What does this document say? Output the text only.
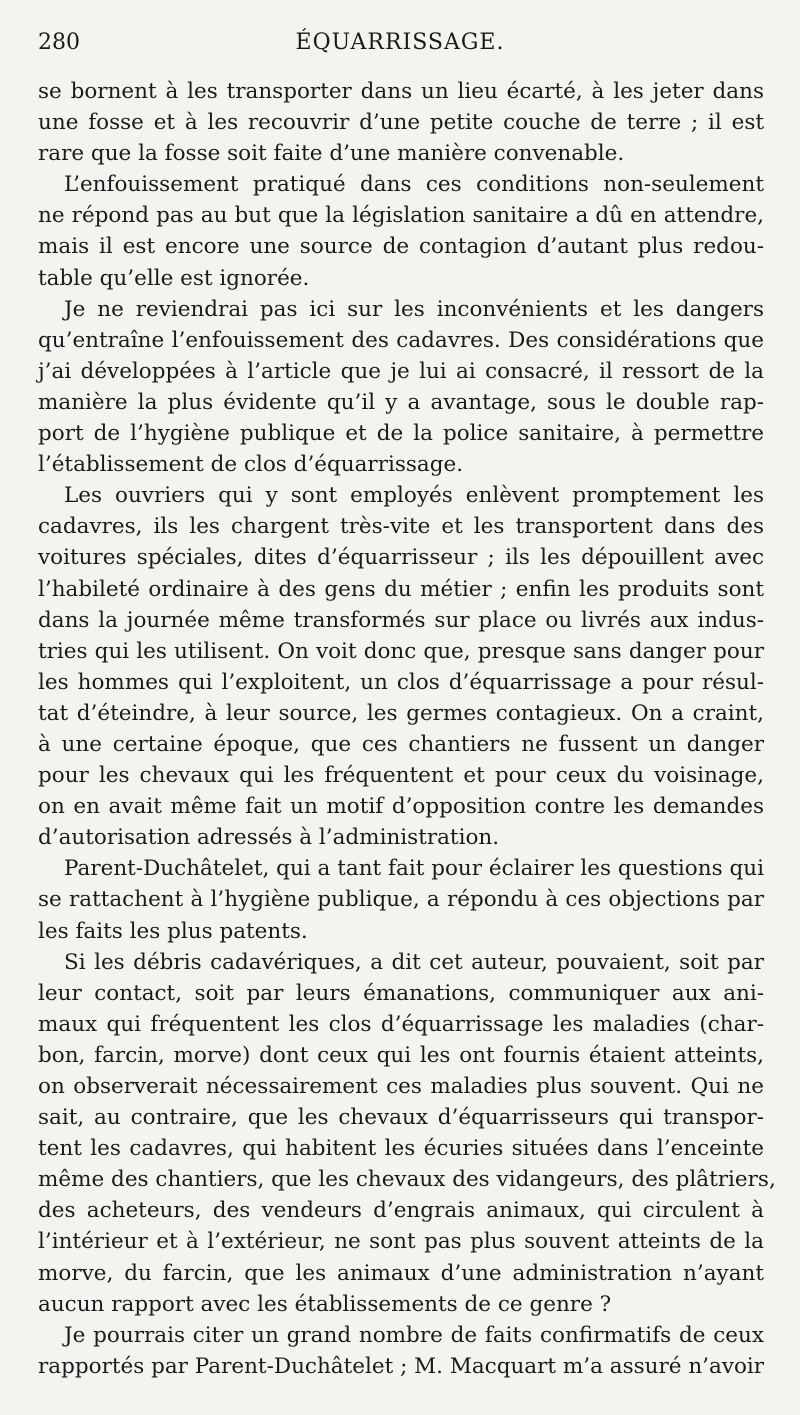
280	ÉQUARRISSAGE.
se bornent à les transporter dans un lieu écarté, à les jeter dans
une fosse et à les recouvrir d’une petite couche de terre ; il est
rare que la fosse soit faite d’une manière convenable.
L’enfouissement pratiqué dans ces conditions non-seulement
ne répond pas au but que la législation sanitaire a dû en attendre,
mais il est encore une source de contagion d’autant plus redou-
table qu’elle est ignorée.
Je ne reviendrai pas ici sur les inconvénients et les dangers
qu’entraîne l’enfouissement des cadavres. Des considérations que
j’ai développées à l’article que je lui ai consacré, il ressort de la
manière la plus évidente qu’il y a avantage, sous le double rap-
port de l’hygiène publique et de la police sanitaire, à permettre
l’établissement de clos d’équarrissage.
Les ouvriers qui y sont employés enlèvent promptement les
cadavres, ils les chargent très-vite et les transportent dans des
voitures spéciales, dites d’équarrisseur ; ils les dépouillent avec
l’habileté ordinaire à des gens du métier ; enfin les produits sont
dans la journée même transformés sur place ou livrés aux indus-
tries qui les utilisent. On voit donc que, presque sans danger pour
les hommes qui l’exploitent, un clos d’équarrissage a pour résul-
tat d’éteindre, à leur source, les germes contagieux. On a craint,
à une certaine époque, que ces chantiers ne fussent un danger
pour les chevaux qui les fréquentent et pour ceux du voisinage,
on en avait même fait un motif d’opposition contre les demandes
d’autorisation adressés à l’administration.
Parent-Duchâtelet, qui a tant fait pour éclairer les questions qui
se rattachent à l’hygiène publique, a répondu à ces objections par
les faits les plus patents.
Si les débris cadavériques, a dit cet auteur, pouvaient, soit par
leur contact, soit par leurs émanations, communiquer aux ani-
maux qui fréquentent les clos d’équarrissage les maladies (char-
bon, farcin, morve) dont ceux qui les ont fournis étaient atteints,
on observerait nécessairement ces maladies plus souvent. Qui ne
sait, au contraire, que les chevaux d’équarrisseurs qui transpor-
tent les cadavres, qui habitent les écuries situées dans l’enceinte
même des chantiers, que les chevaux des vidangeurs, des plâtriers,
des acheteurs, des vendeurs d’engrais animaux, qui circulent à
l’intérieur et à l’extérieur, ne sont pas plus souvent atteints de la
morve, du farcin, que les animaux d’une administration n’ayant
aucun rapport avec les établissements de ce genre ?
Je pourrais citer un grand nombre de faits confirmatifs de ceux
rapportés par Parent-Duchâtelet ; M. Macquart m’a assuré n’avoir
